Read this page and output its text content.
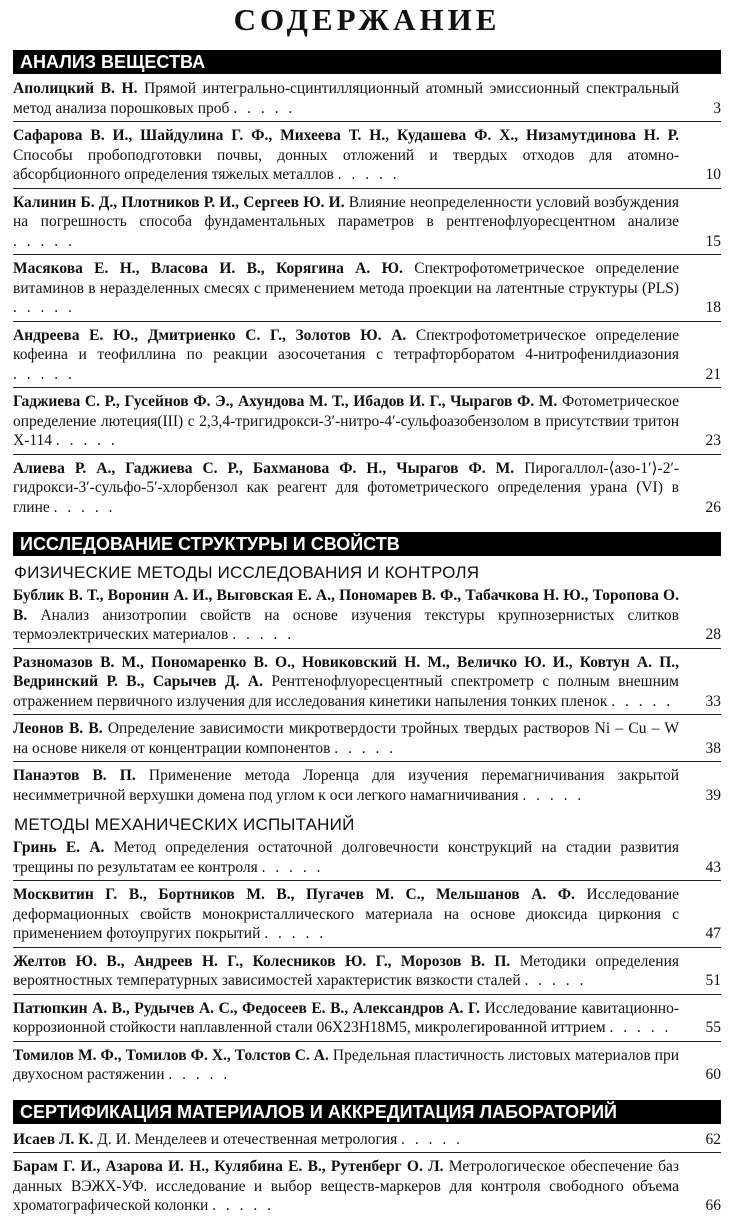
СОДЕРЖАНИЕ
АНАЛИЗ ВЕЩЕСТВА
Аполицкий В. Н. Прямой интегрально-сцинтилляционный атомный эмиссионный спектральный метод анализа порошковых проб . . . . .	3
Сафарова В. И., Шайдулина Г. Ф., Михеева Т. Н., Кудашева Ф. Х., Низамутдинова Н. Р. Способы пробоподготовки почвы, донных отложений и твердых отходов для атомно-абсорбционного определения тяжелых металлов . . . . .	10
Калинин Б. Д., Плотников Р. И., Сергеев Ю. И. Влияние неопределенности условий возбуждения на погрешность способа фундаментальных параметров в рентгенофлуоресцентном анализе . . . . .	15
Масякова Е. Н., Власова И. В., Корягина А. Ю. Спектрофотометрическое определение витаминов в неразделенных смесях с применением метода проекции на латентные структуры (PLS) . . . . .	18
Андреева Е. Ю., Дмитриенко С. Г., Золотов Ю. А. Спектрофотометрическое определение кофеина и теофиллина по реакции азосочетания с тетрафторборатом 4-нитрофенилдиазония . . . . .	21
Гаджиева С. Р., Гусейнов Ф. Э., Ахундова М. Т., Ибадов И. Г., Чырагов Ф. М. Фотометрическое определение лютеция(III) с 2,3,4-тригидрокси-3′-нитро-4′-сульфоазобензолом в присутствии тритон Х-114 . . . . .	23
Алиева Р. А., Гаджиева С. Р., Бахманова Ф. Н., Чырагов Ф. М. Пирогаллол-⟨азо-1′⟩-2′-гидрокси-3′-сульфо-5′-хлорбензол как реагент для фотометрического определения урана (VI) в глине . . . . .	26
ИССЛЕДОВАНИЕ СТРУКТУРЫ И СВОЙСТВ
ФИЗИЧЕСКИЕ МЕТОДЫ ИССЛЕДОВАНИЯ И КОНТРОЛЯ
Бублик В. Т., Воронин А. И., Выговская Е. А., Пономарев В. Ф., Табачкова Н. Ю., Торопова О. В. Анализ анизотропии свойств на основе изучения текстуры крупнозернистых слитков термоэлектрических материалов . . . . .	28
Разномазов В. М., Пономаренко В. О., Новиковский Н. М., Величко Ю. И., Ковтун А. П., Ведринский Р. В., Сарычев Д. А. Рентгенофлуоресцентный спектрометр с полным внешним отражением первичного излучения для исследования кинетики напыления тонких пленок . . . . .	33
Леонов В. В. Определение зависимости микротвердости тройных твердых растворов Ni – Cu – W на основе никеля от концентрации компонентов . . . . .	38
Панаэтов В. П. Применение метода Лоренца для изучения перемагничивания закрытой несимметричной верхушки домена под углом к оси легкого намагничивания . . . . .	39
МЕТОДЫ МЕХАНИЧЕСКИХ ИСПЫТАНИЙ
Гринь Е. А. Метод определения остаточной долговечности конструкций на стадии развития трещины по результатам ее контроля . . . . .	43
Москвитин Г. В., Бортников М. В., Пугачев М. С., Мельшанов А. Ф. Исследование деформационных свойств монокристаллического материала на основе диоксида циркония с применением фотоупругих покрытий . . . . .	47
Желтов Ю. В., Андреев Н. Г., Колесников Ю. Г., Морозов В. П. Методики определения вероятностных температурных зависимостей характеристик вязкости сталей . . . . .	51
Патюпкин А. В., Рудычев А. С., Федосеев Е. В., Александров А. Г. Исследование кавитационно-коррозионной стойкости наплавленной стали 06Х23Н18М5, микролегированной иттрием . . . . .	55
Томилов М. Ф., Томилов Ф. Х., Толстов С. А. Предельная пластичность листовых материалов при двухосном растяжении . . . . .	60
СЕРТИФИКАЦИЯ МАТЕРИАЛОВ И АККРЕДИТАЦИЯ ЛАБОРАТОРИЙ
Исаев Л. К. Д. И. Менделеев и отечественная метрология . . . . .	62
Барам Г. И., Азарова И. Н., Кулябина Е. В., Рутенберг О. Л. Метрологическое обеспечение баз данных ВЭЖХ-УФ. исследование и выбор веществ-маркеров для контроля свободного объема хроматографической колонки . . . . .	66
